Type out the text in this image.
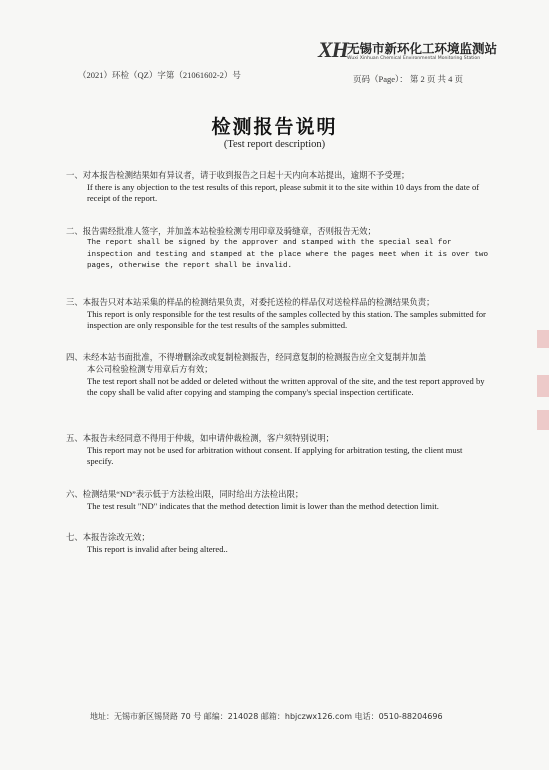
XH 无锡市新环化工环境监测站
Wuxi Xinhuan Chemical Environmental Monitoring Station
（2021）环检（QZ）字第（21061602-2）号	页码（Page）： 第 2 页 共 4 页
检测报告说明
(Test report description)
一、对本报告检测结果如有异议者，请于收到报告之日起十天内向本站提出，逾期不予受理；
If there is any objection to the test results of this report, please submit it to the site within 10 days from the date of receipt of the report.
二、报告需经批准人签字，并加盖本站检验检测专用印章及骑缝章，否则报告无效；
The report shall be signed by the approver and stamped with the special seal for inspection and testing and stamped at the place where the pages meet when it is over two pages, otherwise the report shall be invalid.
三、本报告只对本站采集的样品的检测结果负责，对委托送检的样品仅对送检样品的检测结果负责；
This report is only responsible for the test results of the samples collected by this station. The samples submitted for inspection are only responsible for the test results of the samples submitted.
四、未经本站书面批准，不得增删涂改或复制检测报告，经同意复制的检测报告应全文复制并加盖
本公司检验检测专用章后方有效；
The test report shall not be added or deleted without the written approval of the site, and the test report approved by the copy shall be valid after copying and stamping the company's special inspection certificate.
五、本报告未经同意不得用于仲裁，如申请仲裁检测，客户须特别说明；
This report may not be used for arbitration without consent. If applying for arbitration testing, the client must specify.
六、检测结果“ND”表示低于方法检出限，同时给出方法检出限；
The test result "ND" indicates that the method detection limit is lower than the method detection limit.
七、本报告涂改无效；
This report is invalid after being altered..
地址：无锡市新区锡贤路 70 号 邮编：214028 邮箱：hbjczwx126.com 电话：0510-88204696
